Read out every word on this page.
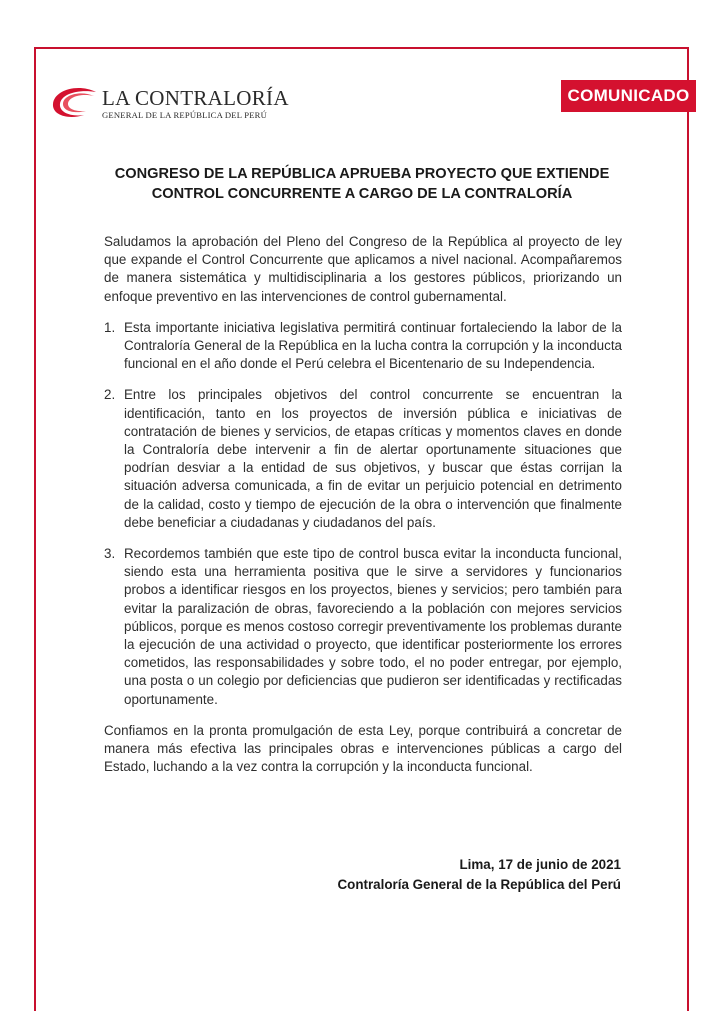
LA CONTRALORÍA
GENERAL DE LA REPÚBLICA DEL PERÚ
COMUNICADO
CONGRESO DE LA REPÚBLICA APRUEBA PROYECTO QUE EXTIENDE
CONTROL CONCURRENTE A CARGO DE LA CONTRALORÍA

Saludamos la aprobación del Pleno del Congreso de la República al proyecto de ley que expande el Control Concurrente que aplicamos a nivel nacional. Acompañaremos de manera sistemática y multidisciplinaria a los gestores públicos, priorizando un enfoque preventivo en las intervenciones de control gubernamental.

1. Esta importante iniciativa legislativa permitirá continuar fortaleciendo la labor de la Contraloría General de la República en la lucha contra la corrupción y la inconducta funcional en el año donde el Perú celebra el Bicentenario de su Independencia.
2. Entre los principales objetivos del control concurrente se encuentran la identificación, tanto en los proyectos de inversión pública e iniciativas de contratación de bienes y servicios, de etapas críticas y momentos claves en donde la Contraloría debe intervenir a fin de alertar oportunamente situaciones que podrían desviar a la entidad de sus objetivos, y buscar que éstas corrijan la situación adversa comunicada, a fin de evitar un perjuicio potencial en detrimento de la calidad, costo y tiempo de ejecución de la obra o intervención que finalmente debe beneficiar a ciudadanas y ciudadanos del país.
3. Recordemos también que este tipo de control busca evitar la inconducta funcional, siendo esta una herramienta positiva que le sirve a servidores y funcionarios probos a identificar riesgos en los proyectos, bienes y servicios; pero también para evitar la paralización de obras, favoreciendo a la población con mejores servicios públicos, porque es menos costoso corregir preventivamente los problemas durante la ejecución de una actividad o proyecto, que identificar posteriormente los errores cometidos, las responsabilidades y sobre todo, el no poder entregar, por ejemplo, una posta o un colegio por deficiencias que pudieron ser identificadas y rectificadas oportunamente.

Confiamos en la pronta promulgación de esta Ley, porque contribuirá a concretar de manera más efectiva las principales obras e intervenciones públicas a cargo del Estado, luchando a la vez contra la corrupción y la inconducta funcional.

Lima, 17 de junio de 2021
Contraloría General de la República del Perú
